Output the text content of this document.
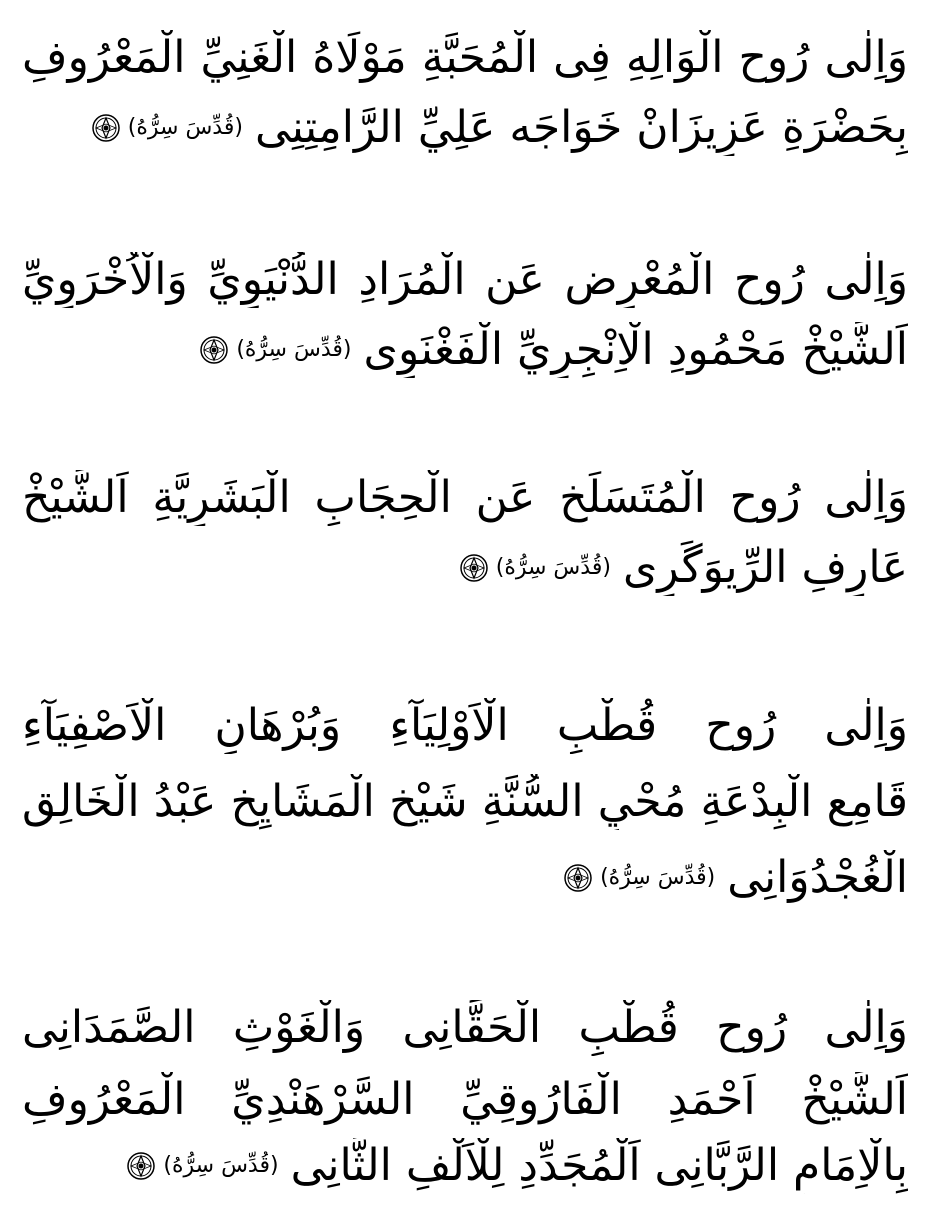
وَاِلٰى رُوحِ الْوَالِهِ فِى الْمُحَبَّةِ مَوْلَاهُ الْغَنِيِّ الْمَعْرُوفِ
بِحَضْرَةِ عَزِيزَانْ خَوَاجَه عَلِيِّ الرَّامِتِنِى
(قُدِّسَ سِرُّهُ)
وَاِلٰى رُوحِ الْمُعْرِضِ عَنِ الْمُرَادِ الدُّنْيَوِيِّ وَالْاُخْرَوِيِّ
اَلشَّيْخْ مَحْمُودِ الْاِنْجِرِيِّ الْفَغْنَوِى
(قُدِّسَ سِرُّهُ)
وَاِلٰى رُوحِ الْمُتَسَلِّخِ عَنِ الْحِجَابِ الْبَشَرِيَّةِ اَلشَّيْخْ
عَارِفِ الرِّيوَگَرِى
(قُدِّسَ سِرُّهُ)
وَاِلٰى رُوحِ قُطْبِ الْاَوْلِيَآءِ وَبُرْهَانِ الْاَصْفِيَآءِ
قَامِعِ الْبِدْعَةِ مُحْيِ السُّنَّةِ شَيْخِ الْمَشَايِخِ عَبْدُ الْخَالِقِ
الْغُجْدُوَانِى
(قُدِّسَ سِرُّهُ)
وَاِلٰى رُوحِ قُطْبِ الْحَقَّانِى وَالْغَوْثِ الصَّمَدَانِى
اَلشَّيْخْ اَحْمَدِ الْفَارُوقِيِّ السَّرْهَنْدِيِّ الْمَعْرُوفِ
بِالْاِمَامِ الرَّبَّانِى اَلْمُجَدِّدِ لِلْاَلْفِ الثَّانِى
(قُدِّسَ سِرُّهُ)
